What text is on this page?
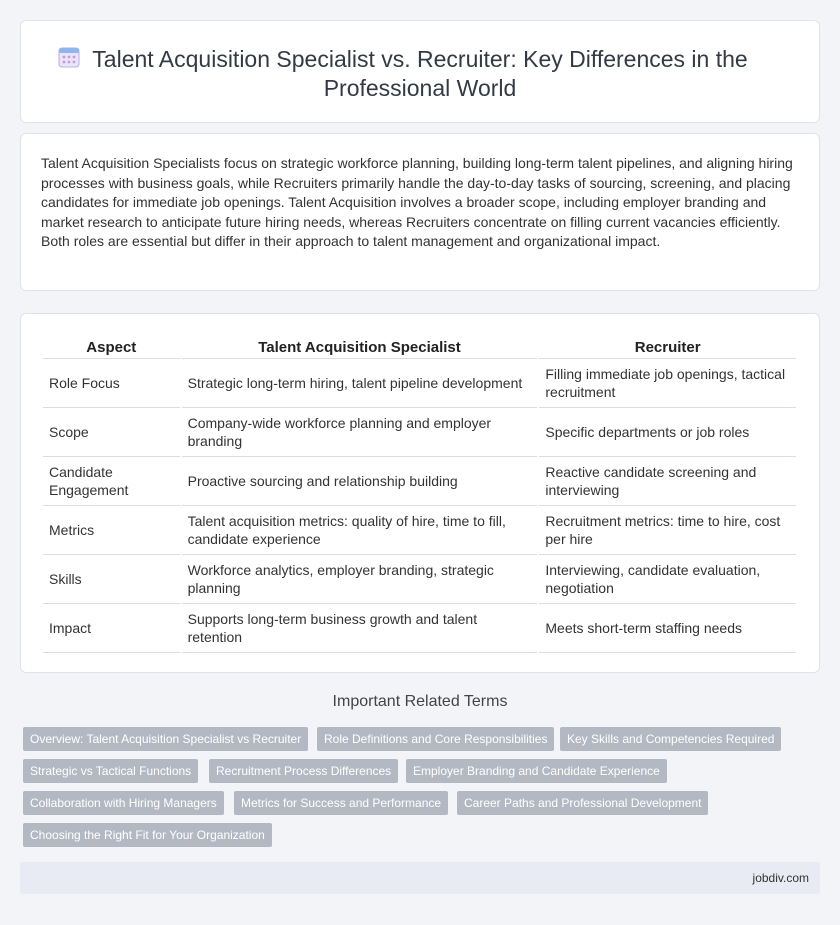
Talent Acquisition Specialist vs. Recruiter: Key Differences in the Professional World

Talent Acquisition Specialists focus on strategic workforce planning, building long-term talent pipelines, and aligning hiring processes with business goals, while Recruiters primarily handle the day-to-day tasks of sourcing, screening, and placing candidates for immediate job openings. Talent Acquisition involves a broader scope, including employer branding and market research to anticipate future hiring needs, whereas Recruiters concentrate on filling current vacancies efficiently. Both roles are essential but differ in their approach to talent management and organizational impact.

Aspect	Talent Acquisition Specialist	Recruiter
Role Focus	Strategic long-term hiring, talent pipeline development	Filling immediate job openings, tactical recruitment
Scope	Company-wide workforce planning and employer branding	Specific departments or job roles
Candidate Engagement	Proactive sourcing and relationship building	Reactive candidate screening and interviewing
Metrics	Talent acquisition metrics: quality of hire, time to fill, candidate experience	Recruitment metrics: time to hire, cost per hire
Skills	Workforce analytics, employer branding, strategic planning	Interviewing, candidate evaluation, negotiation
Impact	Supports long-term business growth and talent retention	Meets short-term staffing needs
Important Related Terms
Overview: Talent Acquisition Specialist vs Recruiter	Role Definitions and Core Responsibilities	Key Skills and Competencies Required
Strategic vs Tactical Functions	Recruitment Process Differences	Employer Branding and Candidate Experience
Collaboration with Hiring Managers	Metrics for Success and Performance	Career Paths and Professional Development
Choosing the Right Fit for Your Organization
jobdiv.com
